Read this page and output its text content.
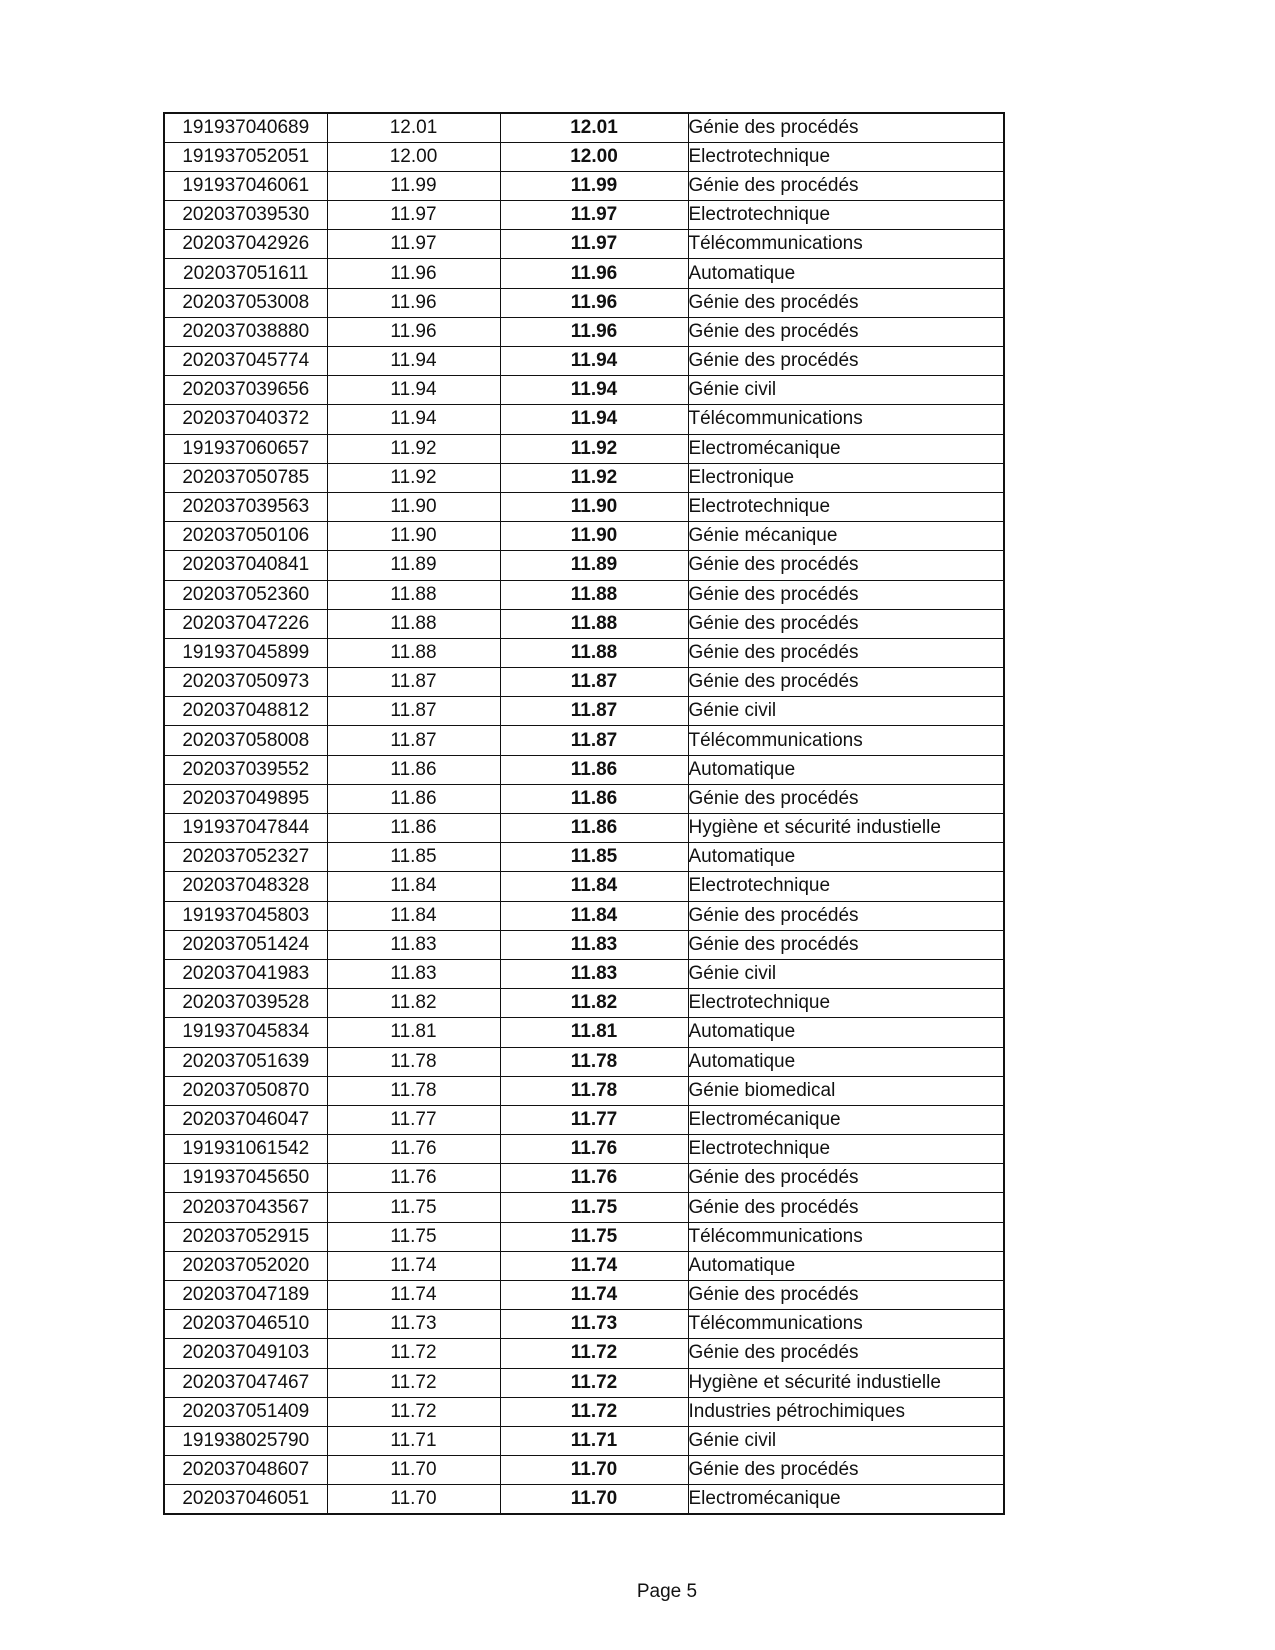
191937040689	12.01	12.01	Génie des procédés
191937052051	12.00	12.00	Electrotechnique
191937046061	11.99	11.99	Génie des procédés
202037039530	11.97	11.97	Electrotechnique
202037042926	11.97	11.97	Télécommunications
202037051611	11.96	11.96	Automatique
202037053008	11.96	11.96	Génie des procédés
202037038880	11.96	11.96	Génie des procédés
202037045774	11.94	11.94	Génie des procédés
202037039656	11.94	11.94	Génie civil
202037040372	11.94	11.94	Télécommunications
191937060657	11.92	11.92	Electromécanique
202037050785	11.92	11.92	Electronique
202037039563	11.90	11.90	Electrotechnique
202037050106	11.90	11.90	Génie mécanique
202037040841	11.89	11.89	Génie des procédés
202037052360	11.88	11.88	Génie des procédés
202037047226	11.88	11.88	Génie des procédés
191937045899	11.88	11.88	Génie des procédés
202037050973	11.87	11.87	Génie des procédés
202037048812	11.87	11.87	Génie civil
202037058008	11.87	11.87	Télécommunications
202037039552	11.86	11.86	Automatique
202037049895	11.86	11.86	Génie des procédés
191937047844	11.86	11.86	Hygiène et sécurité industielle
202037052327	11.85	11.85	Automatique
202037048328	11.84	11.84	Electrotechnique
191937045803	11.84	11.84	Génie des procédés
202037051424	11.83	11.83	Génie des procédés
202037041983	11.83	11.83	Génie civil
202037039528	11.82	11.82	Electrotechnique
191937045834	11.81	11.81	Automatique
202037051639	11.78	11.78	Automatique
202037050870	11.78	11.78	Génie biomedical
202037046047	11.77	11.77	Electromécanique
191931061542	11.76	11.76	Electrotechnique
191937045650	11.76	11.76	Génie des procédés
202037043567	11.75	11.75	Génie des procédés
202037052915	11.75	11.75	Télécommunications
202037052020	11.74	11.74	Automatique
202037047189	11.74	11.74	Génie des procédés
202037046510	11.73	11.73	Télécommunications
202037049103	11.72	11.72	Génie des procédés
202037047467	11.72	11.72	Hygiène et sécurité industielle
202037051409	11.72	11.72	Industries pétrochimiques
191938025790	11.71	11.71	Génie civil
202037048607	11.70	11.70	Génie des procédés
202037046051	11.70	11.70	Electromécanique
Page 5
